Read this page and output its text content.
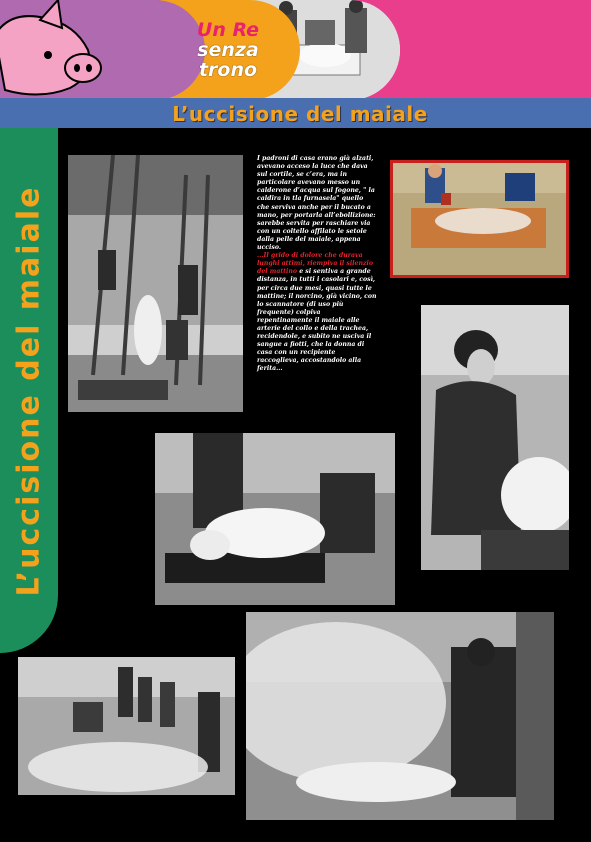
Un Re
senza
trono
L’uccisione del maiale
L’uccisione del maiale

I padroni di casa erano già alzati, avevano acceso la luce che dava sul cortile, se c’era, ma in particolare avevano messo un calderone d’acqua sul fogone, " la caldira in tla furnasela" quello che serviva anche per il bucato a mano, per portarla all’ebollizione: sarebbe servita per raschiare via con un coltello affilato le setole dalla pelle del maiale, appena ucciso.

...Il grido di dolore che durava lunghi attimi, riempiva il silenzio del mattino e si sentiva a grande distanza, in tutti i casolari e, così, per circa due mesi, quasi tutte le mattine; il norcino, già vicino, con lo scannatore (di uso più frequente) colpiva repentinamente il maiale alle arterie del collo e della trachea, recidendole, e subito ne usciva il sangue a fiotti, che la donna di casa con un recipiente raccoglieva, accostandolo alla ferita...
